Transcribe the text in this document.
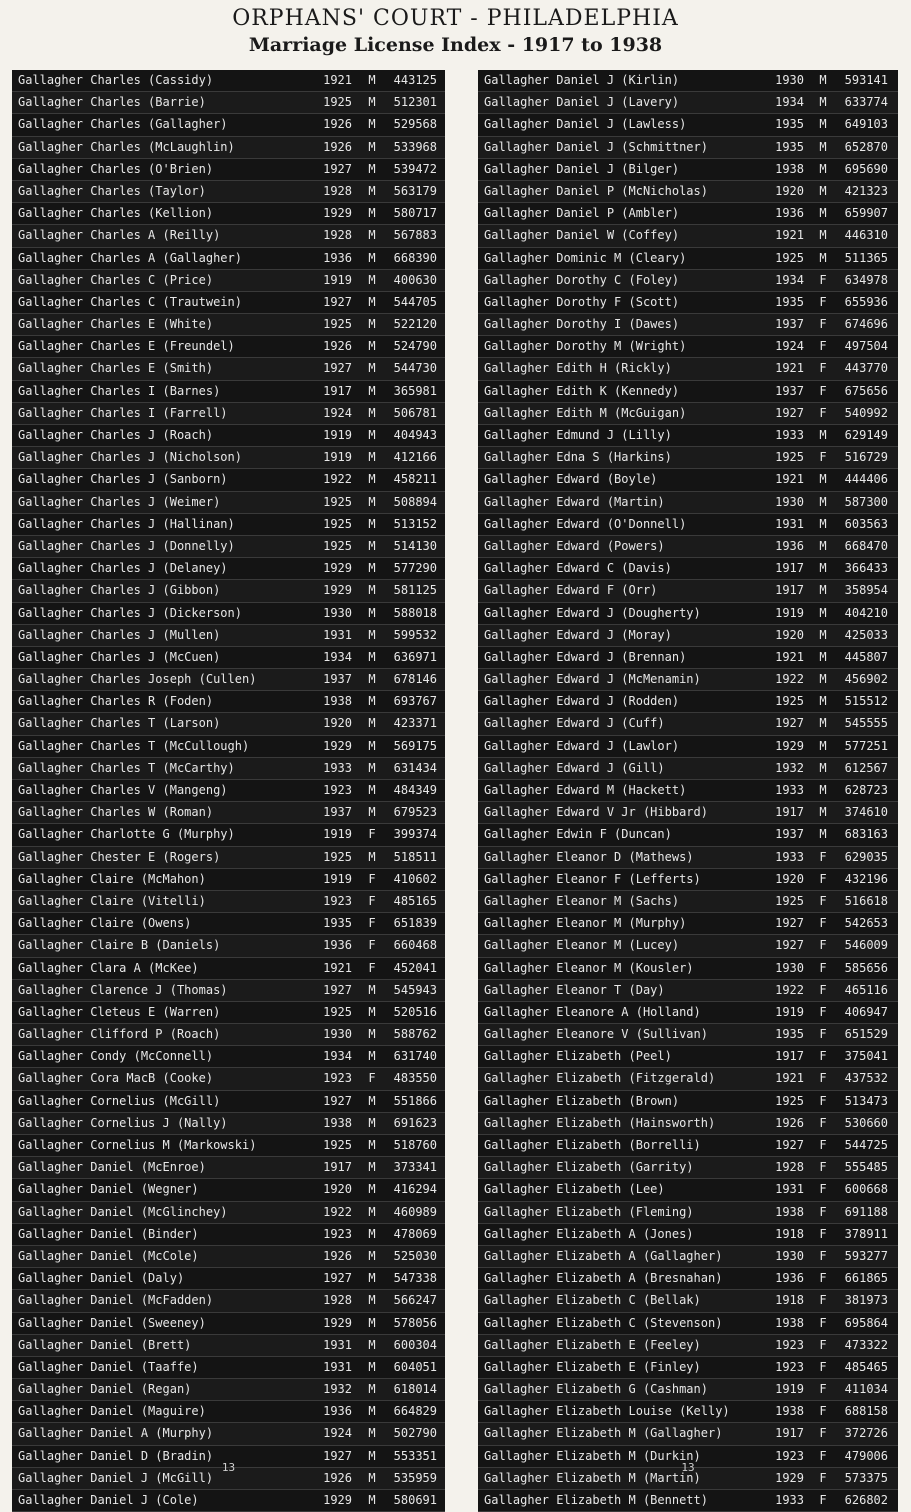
ORPHANS' COURT - PHILADELPHIA
Marriage License Index - 1917 to 1938
Gallagher Charles (Cassidy)	1921 M	443125
Gallagher Charles (Barrie)	1925 M	512301
Gallagher Charles (Gallagher)	1926 M	529568
Gallagher Charles (McLaughlin)	1926 M	533968
Gallagher Charles (O'Brien)	1927 M	539472
Gallagher Charles (Taylor)	1928 M	563179
Gallagher Charles (Kellion)	1929 M	580717
Gallagher Charles A (Reilly)	1928 M	567883
Gallagher Charles A (Gallagher)	1936 M	668390
Gallagher Charles C (Price)	1919 M	400630
Gallagher Charles C (Trautwein)	1927 M	544705
Gallagher Charles E (White)	1925 M	522120
Gallagher Charles E (Freundel)	1926 M	524790
Gallagher Charles E (Smith)	1927 M	544730
Gallagher Charles I (Barnes)	1917 M	365981
Gallagher Charles I (Farrell)	1924 M	506781
Gallagher Charles J (Roach)	1919 M	404943
Gallagher Charles J (Nicholson)	1919 M	412166
Gallagher Charles J (Sanborn)	1922 M	458211
Gallagher Charles J (Weimer)	1925 M	508894
Gallagher Charles J (Hallinan)	1925 M	513152
Gallagher Charles J (Donnelly)	1925 M	514130
Gallagher Charles J (Delaney)	1929 M	577290
Gallagher Charles J (Gibbon)	1929 M	581125
Gallagher Charles J (Dickerson)	1930 M	588018
Gallagher Charles J (Mullen)	1931 M	599532
Gallagher Charles J (McCuen)	1934 M	636971
Gallagher Charles Joseph (Cullen)	1937 M	678146
Gallagher Charles R (Foden)	1938 M	693767
Gallagher Charles T (Larson)	1920 M	423371
Gallagher Charles T (McCullough)	1929 M	569175
Gallagher Charles T (McCarthy)	1933 M	631434
Gallagher Charles V (Mangeng)	1923 M	484349
Gallagher Charles W (Roman)	1937 M	679523
Gallagher Charlotte G (Murphy)	1919 F	399374
Gallagher Chester E (Rogers)	1925 M	518511
Gallagher Claire (McMahon)	1919 F	410602
Gallagher Claire (Vitelli)	1923 F	485165
Gallagher Claire (Owens)	1935 F	651839
Gallagher Claire B (Daniels)	1936 F	660468
Gallagher Clara A (McKee)	1921 F	452041
Gallagher Clarence J (Thomas)	1927 M	545943
Gallagher Cleteus E (Warren)	1925 M	520516
Gallagher Clifford P (Roach)	1930 M	588762
Gallagher Condy (McConnell)	1934 M	631740
Gallagher Cora MacB (Cooke)	1923 F	483550
Gallagher Cornelius (McGill)	1927 M	551866
Gallagher Cornelius J (Nally)	1938 M	691623
Gallagher Cornelius M (Markowski)	1925 M	518760
Gallagher Daniel (McEnroe)	1917 M	373341
Gallagher Daniel (Wegner)	1920 M	416294
Gallagher Daniel (McGlinchey)	1922 M	460989
Gallagher Daniel (Binder)	1923 M	478069
Gallagher Daniel (McCole)	1926 M	525030
Gallagher Daniel (Daly)	1927 M	547338
Gallagher Daniel (McFadden)	1928 M	566247
Gallagher Daniel (Sweeney)	1929 M	578056
Gallagher Daniel (Brett)	1931 M	600304
Gallagher Daniel (Taaffe)	1931 M	604051
Gallagher Daniel (Regan)	1932 M	618014
Gallagher Daniel (Maguire)	1936 M	664829
Gallagher Daniel A (Murphy)	1924 M	502790
Gallagher Daniel D (Bradin)	1927 M	553351
Gallagher Daniel J (McGill)	1926 M	535959
Gallagher Daniel J (Cole)	1929 M	580691
13
Gallagher Daniel J (Kirlin)	1930 M	593141
Gallagher Daniel J (Lavery)	1934 M	633774
Gallagher Daniel J (Lawless)	1935 M	649103
Gallagher Daniel J (Schmittner)	1935 M	652870
Gallagher Daniel J (Bilger)	1938 M	695690
Gallagher Daniel P (McNicholas)	1920 M	421323
Gallagher Daniel P (Ambler)	1936 M	659907
Gallagher Daniel W (Coffey)	1921 M	446310
Gallagher Dominic M (Cleary)	1925 M	511365
Gallagher Dorothy C (Foley)	1934 F	634978
Gallagher Dorothy F (Scott)	1935 F	655936
Gallagher Dorothy I (Dawes)	1937 F	674696
Gallagher Dorothy M (Wright)	1924 F	497504
Gallagher Edith H (Rickly)	1921 F	443770
Gallagher Edith K (Kennedy)	1937 F	675656
Gallagher Edith M (McGuigan)	1927 F	540992
Gallagher Edmund J (Lilly)	1933 M	629149
Gallagher Edna S (Harkins)	1925 F	516729
Gallagher Edward (Boyle)	1921 M	444406
Gallagher Edward (Martin)	1930 M	587300
Gallagher Edward (O'Donnell)	1931 M	603563
Gallagher Edward (Powers)	1936 M	668470
Gallagher Edward C (Davis)	1917 M	366433
Gallagher Edward F (Orr)	1917 M	358954
Gallagher Edward J (Dougherty)	1919 M	404210
Gallagher Edward J (Moray)	1920 M	425033
Gallagher Edward J (Brennan)	1921 M	445807
Gallagher Edward J (McMenamin)	1922 M	456902
Gallagher Edward J (Rodden)	1925 M	515512
Gallagher Edward J (Cuff)	1927 M	545555
Gallagher Edward J (Lawlor)	1929 M	577251
Gallagher Edward J (Gill)	1932 M	612567
Gallagher Edward M (Hackett)	1933 M	628723
Gallagher Edward V Jr (Hibbard)	1917 M	374610
Gallagher Edwin F (Duncan)	1937 M	683163
Gallagher Eleanor D (Mathews)	1933 F	629035
Gallagher Eleanor F (Lefferts)	1920 F	432196
Gallagher Eleanor M (Sachs)	1925 F	516618
Gallagher Eleanor M (Murphy)	1927 F	542653
Gallagher Eleanor M (Lucey)	1927 F	546009
Gallagher Eleanor M (Kousler)	1930 F	585656
Gallagher Eleanor T (Day)	1922 F	465116
Gallagher Eleanore A (Holland)	1919 F	406947
Gallagher Eleanore V (Sullivan)	1935 F	651529
Gallagher Elizabeth (Peel)	1917 F	375041
Gallagher Elizabeth (Fitzgerald)	1921 F	437532
Gallagher Elizabeth (Brown)	1925 F	513473
Gallagher Elizabeth (Hainsworth)	1926 F	530660
Gallagher Elizabeth (Borrelli)	1927 F	544725
Gallagher Elizabeth (Garrity)	1928 F	555485
Gallagher Elizabeth (Lee)	1931 F	600668
Gallagher Elizabeth (Fleming)	1938 F	691188
Gallagher Elizabeth A (Jones)	1918 F	378911
Gallagher Elizabeth A (Gallagher)	1930 F	593277
Gallagher Elizabeth A (Bresnahan)	1936 F	661865
Gallagher Elizabeth C (Bellak)	1918 F	381973
Gallagher Elizabeth C (Stevenson)	1938 F	695864
Gallagher Elizabeth E (Feeley)	1923 F	473322
Gallagher Elizabeth E (Finley)	1923 F	485465
Gallagher Elizabeth G (Cashman)	1919 F	411034
Gallagher Elizabeth Louise (Kelly)	1938 F	688158
Gallagher Elizabeth M (Gallagher)	1917 F	372726
Gallagher Elizabeth M (Durkin)	1923 F	479006
Gallagher Elizabeth M (Martin)	1929 F	573375
Gallagher Elizabeth M (Bennett)	1933 F	626802
13
